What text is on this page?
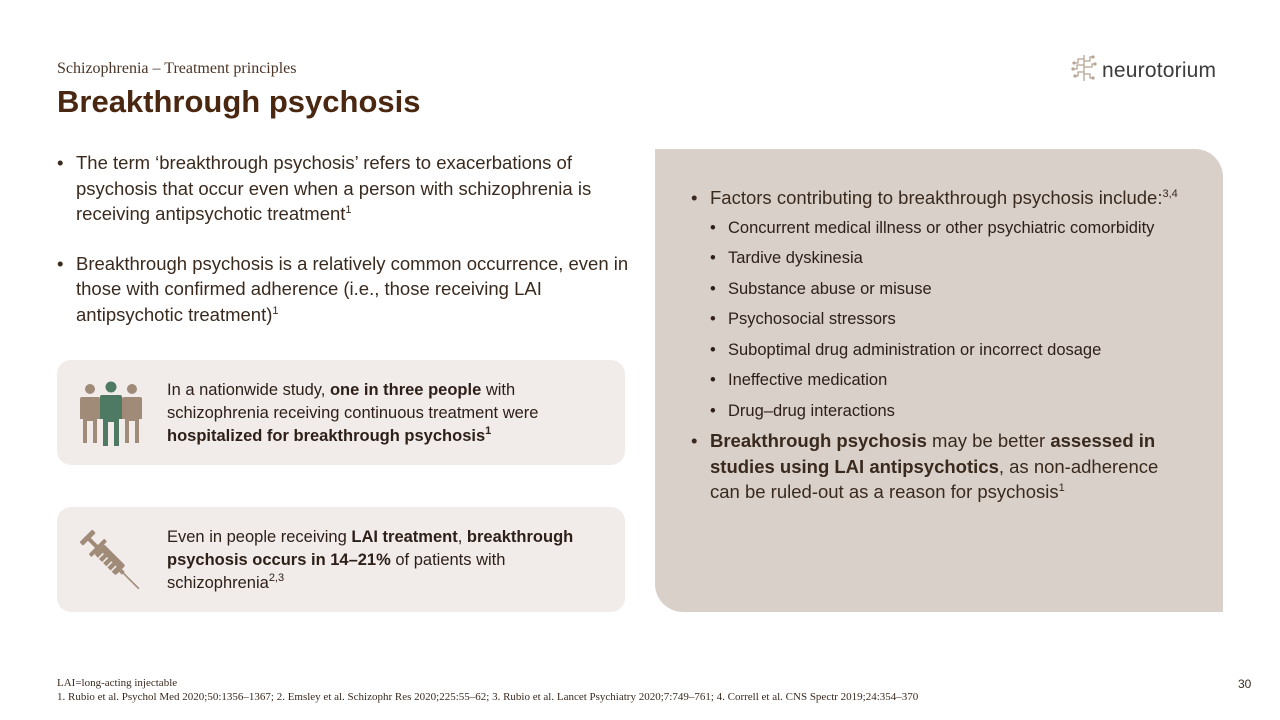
Schizophrenia – Treatment principles
Breakthrough psychosis
neurotorium
• The term ‘breakthrough psychosis’ refers to exacerbations of psychosis that occur even when a person with schizophrenia is receiving antipsychotic treatment$^1$
• Breakthrough psychosis is a relatively common occurrence, even in those with confirmed adherence (i.e., those receiving LAI antipsychotic treatment)$^1$
In a nationwide study, one in three people with schizophrenia receiving continuous treatment were hospitalized for breakthrough psychosis$^1$
Even in people receiving LAI treatment, breakthrough psychosis occurs in 14–21% of patients with schizophrenia$^{2,3}$
• Factors contributing to breakthrough psychosis include:$^{3,4}$
• Concurrent medical illness or other psychiatric comorbidity
• Tardive dyskinesia
• Substance abuse or misuse
• Psychosocial stressors
• Suboptimal drug administration or incorrect dosage
• Ineffective medication
• Drug–drug interactions
• Breakthrough psychosis may be better assessed in studies using LAI antipsychotics, as non-adherence can be ruled-out as a reason for psychosis$^1$
LAI=long-acting injectable
1. Rubio et al. Psychol Med 2020;50:1356–1367; 2. Emsley et al. Schizophr Res 2020;225:55–62; 3. Rubio et al. Lancet Psychiatry 2020;7:749–761; 4. Correll et al. CNS Spectr 2019;24:354–370
30
